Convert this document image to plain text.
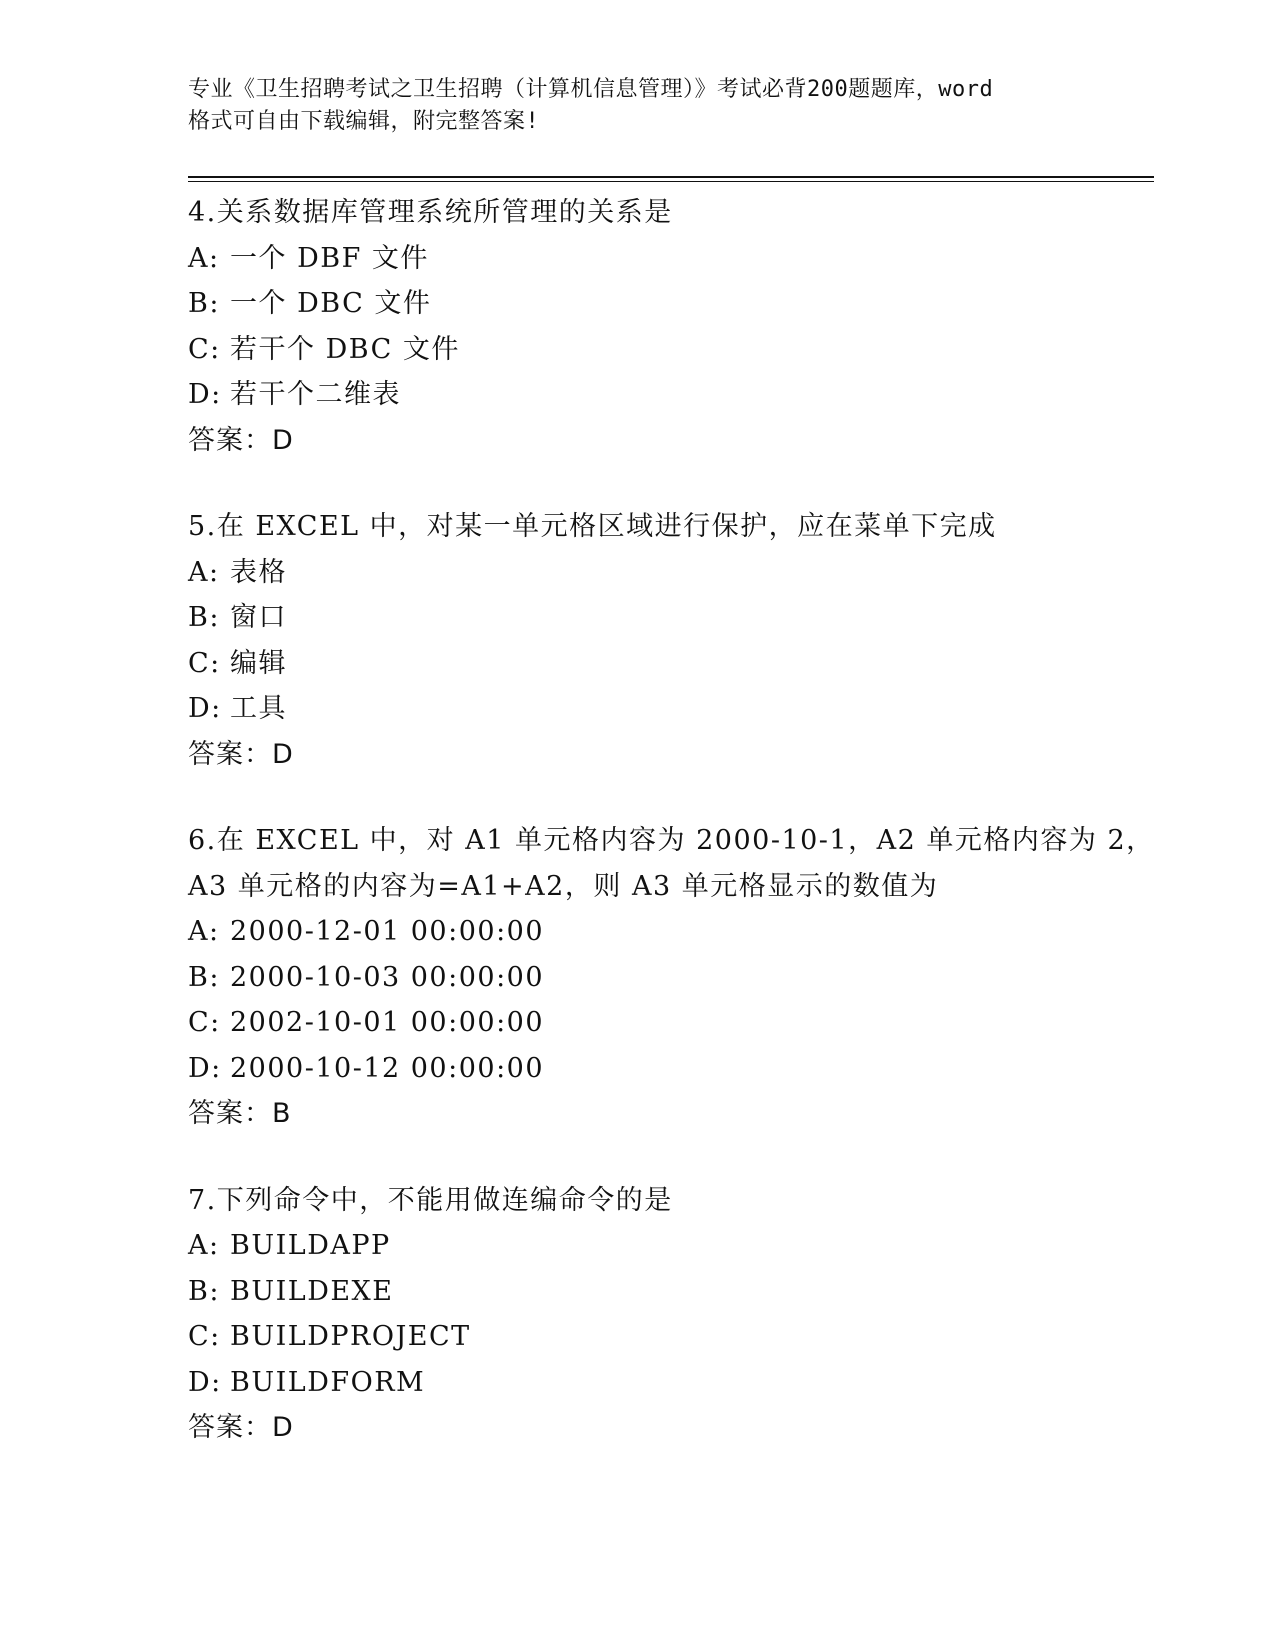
专业《卫生招聘考试之卫生招聘（计算机信息管理）》考试必背200题题库，word
格式可自由下载编辑，附完整答案!
4.关系数据库管理系统所管理的关系是
A: 一个 DBF 文件
B: 一个 DBC 文件
C: 若干个 DBC 文件
D: 若干个二维表
答案：D
5.在 EXCEL 中，对某一单元格区域进行保护，应在菜单下完成
A: 表格
B: 窗口
C: 编辑
D: 工具
答案：D
6.在 EXCEL 中，对 A1 单元格内容为 2000-10-1，A2 单元格内容为 2，
A3 单元格的内容为=A1+A2，则 A3 单元格显示的数值为
A: 2000-12-01 00:00:00
B: 2000-10-03 00:00:00
C: 2002-10-01 00:00:00
D: 2000-10-12 00:00:00
答案：B
7.下列命令中，不能用做连编命令的是
A: BUILDAPP
B: BUILDEXE
C: BUILDPROJECT
D: BUILDFORM
答案：D
